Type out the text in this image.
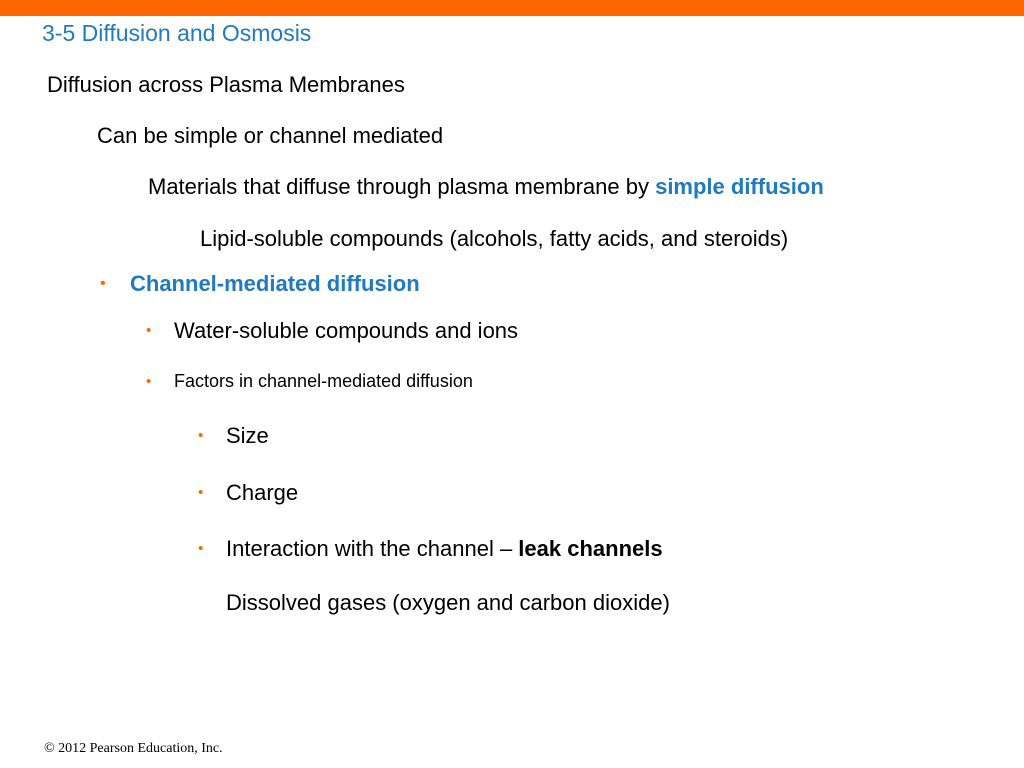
3-5 Diffusion and Osmosis
Diffusion across Plasma Membranes
Can be simple or channel mediated
Materials that diffuse through plasma membrane by simple diffusion
Lipid-soluble compounds (alcohols, fatty acids, and steroids)
• Channel-mediated diffusion
• Water-soluble compounds and ions
• Factors in channel-mediated diffusion
• Size
• Charge
• Interaction with the channel – leak channels
Dissolved gases (oxygen and carbon dioxide)
© 2012 Pearson Education, Inc.
